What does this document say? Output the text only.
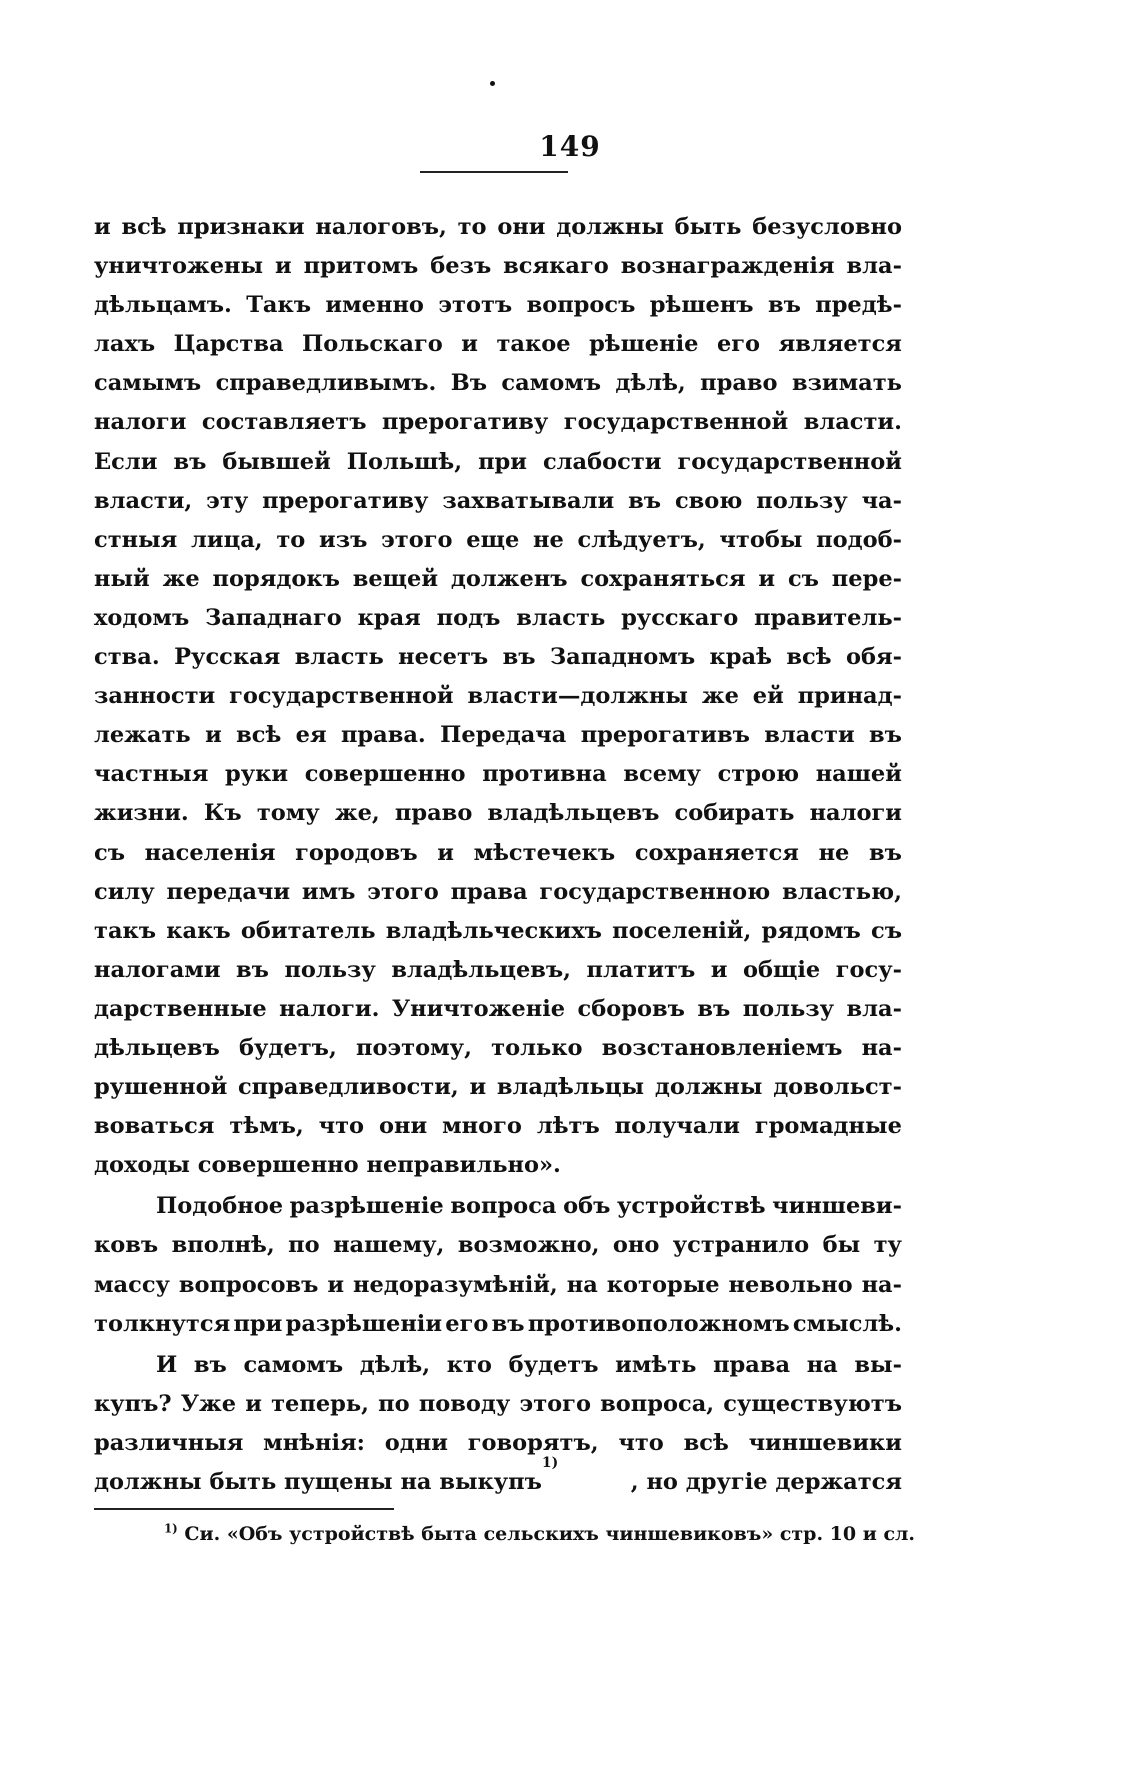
149
и всѣ признаки налоговъ, то они должны быть безусловно
уничтожены и притомъ безъ всякаго вознагражденія вла-
дѣльцамъ. Такъ именно этотъ вопросъ рѣшенъ въ предѣ-
лахъ Царства Польскаго и такое рѣшеніе его является
самымъ справедливымъ. Въ самомъ дѣлѣ, право взимать
налоги составляетъ прерогативу государственной власти.
Если въ бывшей Польшѣ, при слабости государственной
власти, эту прерогативу захватывали въ свою пользу ча-
стныя лица, то изъ этого еще не слѣдуетъ, чтобы подоб-
ный же порядокъ вещей долженъ сохраняться и съ пере-
ходомъ Западнаго края подъ власть русскаго правитель-
ства. Русская власть несетъ въ Западномъ краѣ всѣ обя-
занности государственной власти—должны же ей принад-
лежать и всѣ ея права. Передача прерогативъ власти въ
частныя руки совершенно противна всему строю нашей
жизни. Къ тому же, право владѣльцевъ собирать налоги
съ населенія городовъ и мѣстечекъ сохраняется не въ
силу передачи имъ этого права государственною властью,
такъ какъ обитатель владѣльческихъ поселеній, рядомъ съ
налогами въ пользу владѣльцевъ, платитъ и общіе госу-
дарственные налоги. Уничтоженіе сборовъ въ пользу вла-
дѣльцевъ будетъ, поэтому, только возстановленіемъ на-
рушенной справедливости, и владѣльцы должны довольст-
воваться тѣмъ, что они много лѣтъ получали громадные
доходы совершенно неправильно».
Подобное разрѣшеніе вопроса объ устройствѣ чиншеви-
ковъ вполнѣ, по нашему, возможно, оно устранило бы ту
массу вопросовъ и недоразумѣній, на которые невольно на-
толкнутся при разрѣшеніи его въ противоположномъ смыслѣ.
И въ самомъ дѣлѣ, кто будетъ имѣть права на вы-
купъ? Уже и теперь, по поводу этого вопроса, существуютъ
различныя мнѣнія: одни говорятъ, что всѣ чиншевики
должны быть пущены на выкупъ
1)
, но другіе держатся
$^{1)}$ Си. «Объ устройствѣ быта сельскихъ чиншевиковъ» стр. 10 и сл.
